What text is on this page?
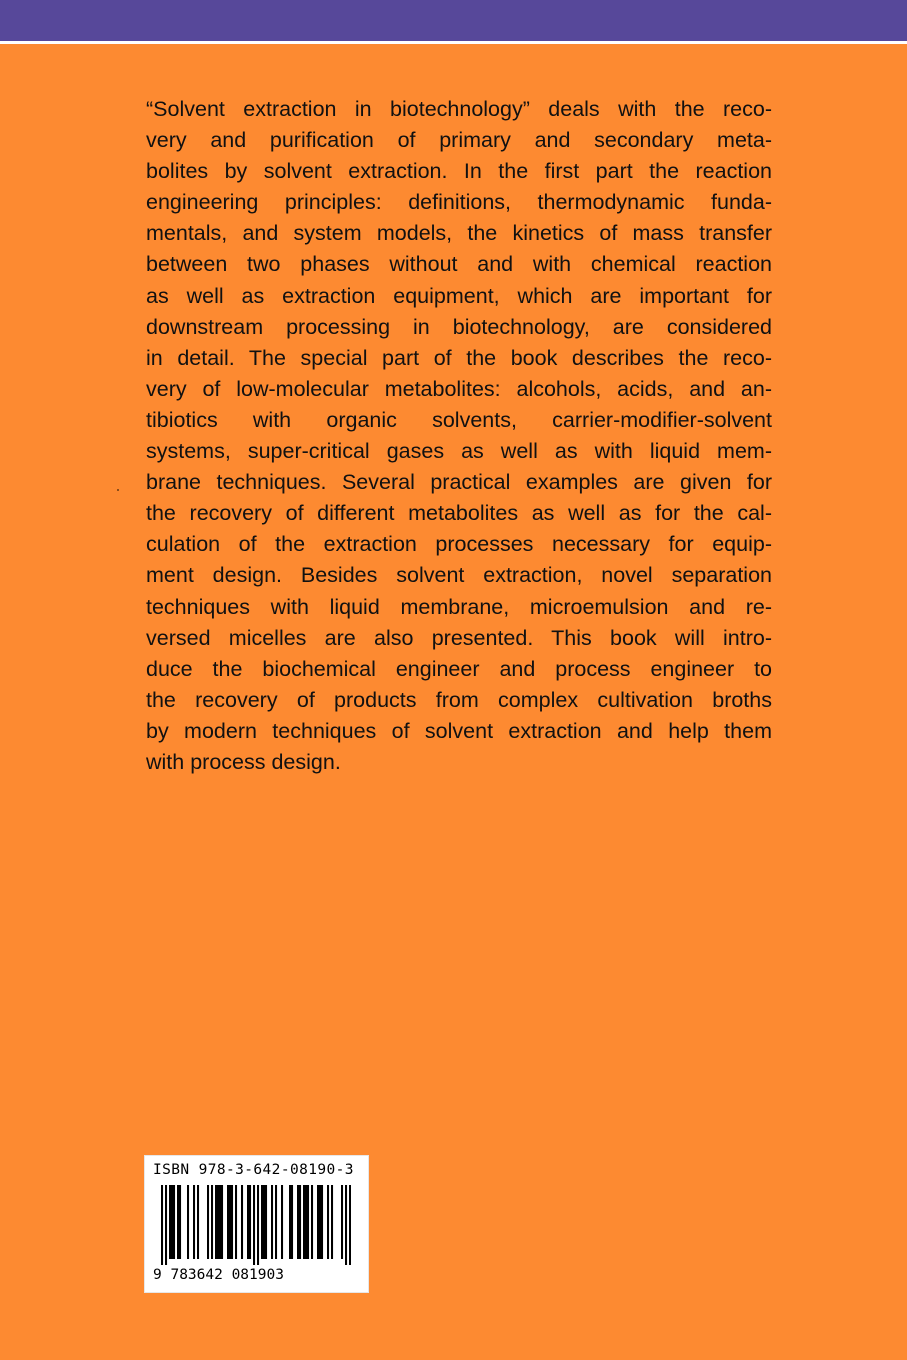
“Solvent extraction in biotechnology” deals with the reco-
very and purification of primary and secondary meta-
bolites by solvent extraction. In the first part the reaction
engineering principles: definitions, thermodynamic funda-
mentals, and system models, the kinetics of mass transfer
between two phases without and with chemical reaction
as well as extraction equipment, which are important for
downstream processing in biotechnology, are considered
in detail. The special part of the book describes the reco-
very of low-molecular metabolites: alcohols, acids, and an-
tibiotics with organic solvents, carrier-modifier-solvent
systems, super-critical gases as well as with liquid mem-
brane techniques. Several practical examples are given for
the recovery of different metabolites as well as for the cal-
culation of the extraction processes necessary for equip-
ment design. Besides solvent extraction, novel separation
techniques with liquid membrane, microemulsion and re-
versed micelles are also presented. This book will intro-
duce the biochemical engineer and process engineer to
the recovery of products from complex cultivation broths
by modern techniques of solvent extraction and help them
with process design.
ISBN 978-3-642-08190-3
9 783642 081903
